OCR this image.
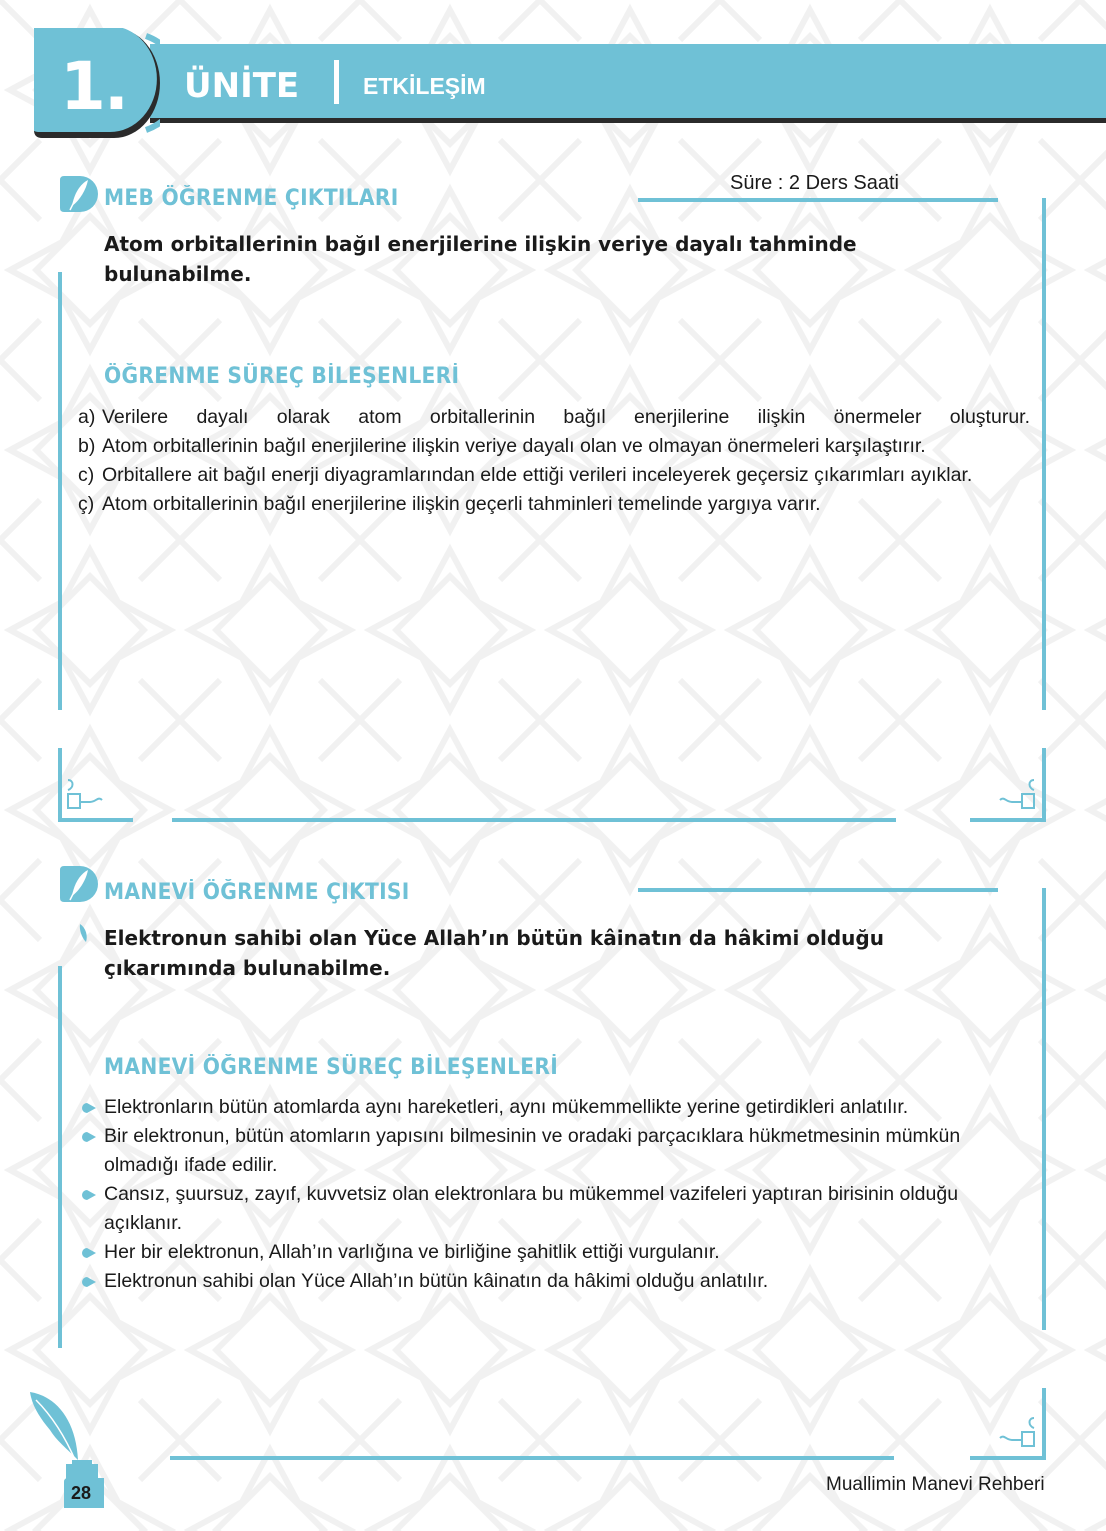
1. ÜNİTE	ETKİLEŞİM
MEB ÖĞRENME ÇIKTILARI
Süre : 2 Ders Saati
Atom orbitallerinin bağıl enerjilerine ilişkin veriye dayalı tahminde
bulunabilme.
ÖĞRENME SÜREÇ BİLEŞENLERİ
a) Verilere dayalı olarak atom orbitallerinin bağıl enerjilerine ilişkin önermeler oluşturur.
b) Atom orbitallerinin bağıl enerjilerine ilişkin veriye dayalı olan ve olmayan önermeleri karşılaştırır.
c) Orbitallere ait bağıl enerji diyagramlarından elde ettiği verileri inceleyerek geçersiz çıkarımları ayıklar.
ç) Atom orbitallerinin bağıl enerjilerine ilişkin geçerli tahminleri temelinde yargıya varır.
MANEVİ ÖĞRENME ÇIKTISI
Elektronun sahibi olan Yüce Allah’ın bütün kâinatın da hâkimi olduğu
çıkarımında bulunabilme.
MANEVİ ÖĞRENME SÜREÇ BİLEŞENLERİ
Elektronların bütün atomlarda aynı hareketleri, aynı mükemmellikte yerine getirdikleri anlatılır.
Bir elektronun, bütün atomların yapısını bilmesinin ve oradaki parçacıklara hükmetmesinin mümkün olmadığı ifade edilir.
Cansız, şuursuz, zayıf, kuvvetsiz olan elektronlara bu mükemmel vazifeleri yaptıran birisinin olduğu açıklanır.
Her bir elektronun, Allah’ın varlığına ve birliğine şahitlik ettiği vurgulanır.
Elektronun sahibi olan Yüce Allah’ın bütün kâinatın da hâkimi olduğu anlatılır.
28	Muallimin Manevi Rehberi
